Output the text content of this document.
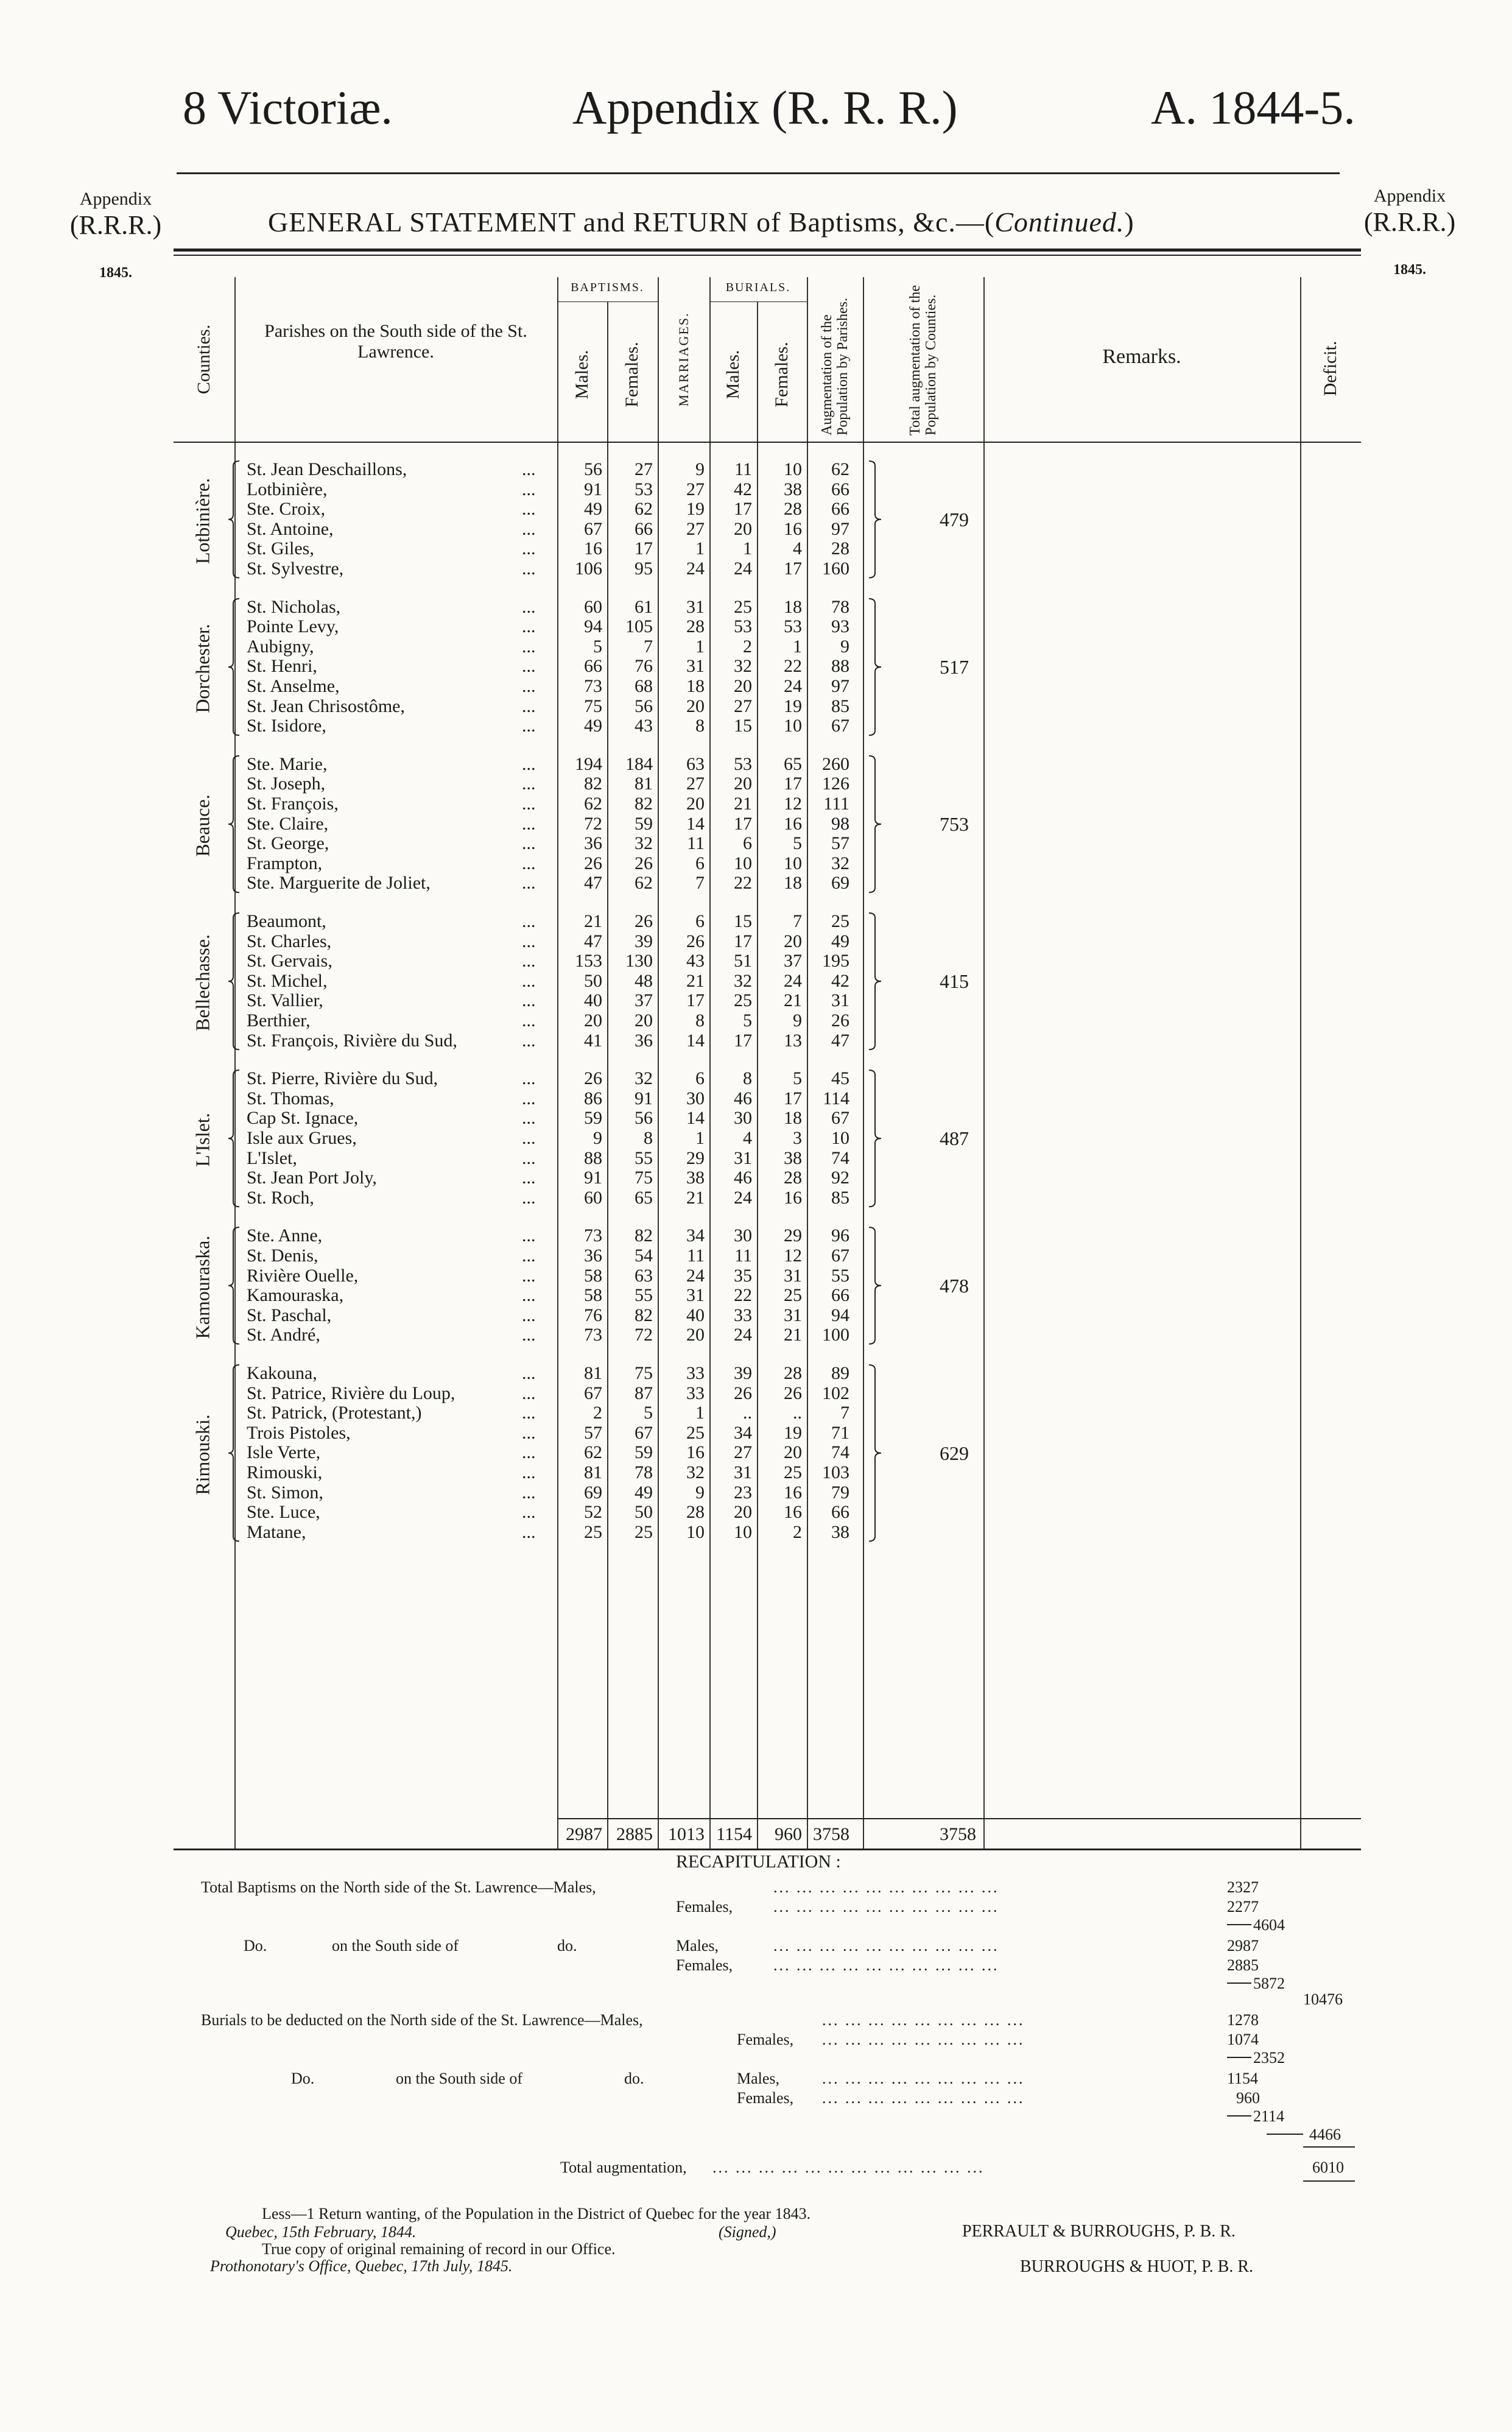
8 Victoriæ.	Appendix (R. R. R.)	A. 1844-5.
Appendix
(R.R.R.)
1845.
Appendix
(R.R.R.)
1845.
GENERAL STATEMENT and RETURN of Baptisms, &c.—(Continued.)
Counties.	Parishes on the South side of the St. Lawrence.
BAPTISMS.
Males. Females.	MARRIAGES.
BURIALS.
Males. Females. Augmentation of the Population by Parishes.	Total augmentation of the Population by Counties.	Remarks.	Deficit.
Lotbinière.	479
St. Jean Deschaillons,	...	56	27	9	11	10	62
Lotbinière,	...	91	53	27	42	38	66
Ste. Croix,	...	49	62	19	17	28	66
St. Antoine,	...	67	66	27	20	16	97
St. Giles,	...	16	17	1	1	4	28
St. Sylvestre,	...	106	95	24	24	17	160
Dorchester.	517
St. Nicholas,	...	60	61	31	25	18	78
Pointe Levy,	...	94	105	28	53	53	93
Aubigny,	...	5	7	1	2	1	9
St. Henri,	...	66	76	31	32	22	88
St. Anselme,	...	73	68	18	20	24	97
St. Jean Chrisostôme,	...	75	56	20	27	19	85
St. Isidore,	...	49	43	8	15	10	67
Beauce.	753
Ste. Marie,	...	194	184	63	53	65	260
St. Joseph,	...	82	81	27	20	17	126
St. François,	...	62	82	20	21	12	111
Ste. Claire,	...	72	59	14	17	16	98
St. George,	...	36	32	11	6	5	57
Frampton,	...	26	26	6	10	10	32
Ste. Marguerite de Joliet,	...	47	62	7	22	18	69
Bellechasse.	415
Beaumont,	...	21	26	6	15	7	25
St. Charles,	...	47	39	26	17	20	49
St. Gervais,	...	153	130	43	51	37	195
St. Michel,	...	50	48	21	32	24	42
St. Vallier,	...	40	37	17	25	21	31
Berthier,	...	20	20	8	5	9	26
St. François, Rivière du Sud,	...	41	36	14	17	13	47
L'Islet.	487
St. Pierre, Rivière du Sud,	...	26	32	6	8	5	45
St. Thomas,	...	86	91	30	46	17	114
Cap St. Ignace,	...	59	56	14	30	18	67
Isle aux Grues,	...	9	8	1	4	3	10
L'Islet,	...	88	55	29	31	38	74
St. Jean Port Joly,	...	91	75	38	46	28	92
St. Roch,	...	60	65	21	24	16	85
Kamouraska.	478
Ste. Anne,	...	73	82	34	30	29	96
St. Denis,	...	36	54	11	11	12	67
Rivière Ouelle,	...	58	63	24	35	31	55
Kamouraska,	...	58	55	31	22	25	66
St. Paschal,	...	76	82	40	33	31	94
St. André,	...	73	72	20	24	21	100
Rimouski.	629
Kakouna,	...	81	75	33	39	28	89
St. Patrice, Rivière du Loup,	...	67	87	33	26	26	102
St. Patrick, (Protestant,)	...	2	5	1	..	..	7
Trois Pistoles,	...	57	67	25	34	19	71
Isle Verte,	...	62	59	16	27	20	74
Rimouski,	...	81	78	32	31	25	103
St. Simon,	...	69	49	9	23	16	79
Ste. Luce,	...	52	50	28	20	16	66
Matane,	...	25	25	10	10	2	38
2987 2885 1013 1154	960 3758	3758
RECAPITULATION :
Total Baptisms on the North side of the St. Lawrence—Males,	... ... ... ... ... ... ... ... ... ...	2327
Females,	... ... ... ... ... ... ... ... ... ...	2277
4604
Do.	on the South side of	do.	Males,	... ... ... ... ... ... ... ... ... ...	2987
Females,	... ... ... ... ... ... ... ... ... ...	2885
5872
10476
Burials to be deducted on the North side of the St. Lawrence—Males,	... ... ... ... ... ... ... ... ...	1278
Females, ... ... ... ... ... ... ... ... ...	1074
2352
Do.	on the South side of	do.	Males,	... ... ... ... ... ... ... ... ...	1154
Females, ... ... ... ... ... ... ... ... ...	960
2114
4466
Total augmentation, ... ... ... ... ... ... ... ... ... ... ... ...	6010
Less—1 Return wanting, of the Population in the District of Quebec for the year 1843.
Quebec, 15th February, 1844.	(Signed,)	PERRAULT & BURROUGHS, P. B. R.
True copy of original remaining of record in our Office.
Prothonotary's Office, Quebec, 17th July, 1845.	BURROUGHS & HUOT, P. B. R.
